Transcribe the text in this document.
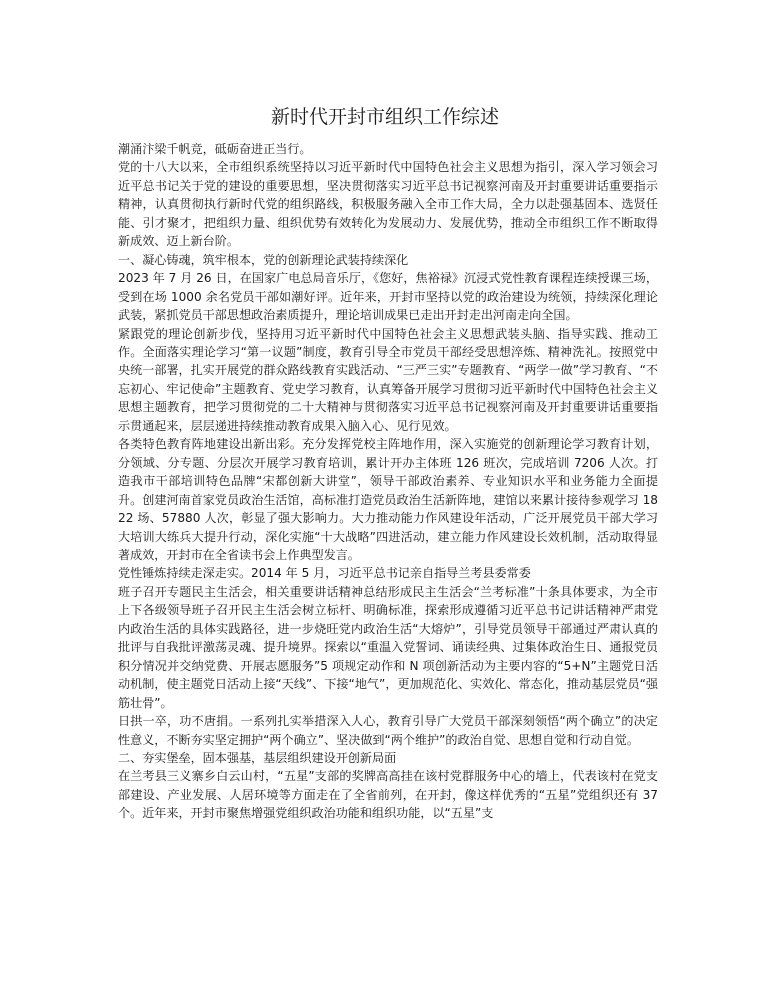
新时代开封市组织工作综述

潮涌汴梁千帆竞，砥砺奋进正当行。

党的十八大以来，全市组织系统坚持以习近平新时代中国特色社会主义思想为指引，深入学习领会习近平总书记关于党的建设的重要思想，坚决贯彻落实习近平总书记视察河南及开封重要讲话重要指示精神，认真贯彻执行新时代党的组织路线，积极服务融入全市工作大局，全力以赴强基固本、选贤任能、引才聚才，把组织力量、组织优势有效转化为发展动力、发展优势，推动全市组织工作不断取得新成效、迈上新台阶。

一、凝心铸魂，筑牢根本，党的创新理论武装持续深化

2023 年 7 月 26 日，在国家广电总局音乐厅，《您好，焦裕禄》沉浸式党性教育课程连续授课三场，受到在场 1000 余名党员干部如潮好评。近年来，开封市坚持以党的政治建设为统领，持续深化理论武装，紧抓党员干部思想政治素质提升，理论培训成果已走出开封走出河南走向全国。

紧跟党的理论创新步伐，坚持用习近平新时代中国特色社会主义思想武装头脑、指导实践、推动工作。全面落实理论学习“第一议题”制度，教育引导全市党员干部经受思想淬炼、精神洗礼。按照党中央统一部署，扎实开展党的群众路线教育实践活动、“三严三实”专题教育、“两学一做”学习教育、“不忘初心、牢记使命”主题教育、党史学习教育，认真筹备开展学习贯彻习近平新时代中国特色社会主义思想主题教育，把学习贯彻党的二十大精神与贯彻落实习近平总书记视察河南及开封重要讲话重要指示贯通起来，层层递进持续推动教育成果入脑入心、见行见效。

各类特色教育阵地建设出新出彩。充分发挥党校主阵地作用，深入实施党的创新理论学习教育计划，分领域、分专题、分层次开展学习教育培训，累计开办主体班 126 班次，完成培训 7206 人次。打造我市干部培训特色品牌“宋都创新大讲堂”，领导干部政治素养、专业知识水平和业务能力全面提升。创建河南首家党员政治生活馆，高标准打造党员政治生活新阵地，建馆以来累计接待参观学习 1822 场、57880 人次，彰显了强大影响力。大力推动能力作风建设年活动，广泛开展党员干部大学习大培训大练兵大提升行动，深化实施“十大战略”四进活动，建立能力作风建设长效机制，活动取得显著成效，开封市在全省读书会上作典型发言。

党性锤炼持续走深走实。2014 年 5 月，习近平总书记亲自指导兰考县委常委

班子召开专题民主生活会，相关重要讲话精神总结形成民主生活会“兰考标准”十条具体要求，为全市上下各级领导班子召开民主生活会树立标杆、明确标准，探索形成遵循习近平总书记讲话精神严肃党内政治生活的具体实践路径，进一步烧旺党内政治生活“大熔炉”，引导党员领导干部通过严肃认真的批评与自我批评激荡灵魂、提升境界。探索以“重温入党誓词、诵读经典、过集体政治生日、通报党员积分情况并交纳党费、开展志愿服务”5 项规定动作和 N 项创新活动为主要内容的“5+N”主题党日活动机制，使主题党日活动上接“天线”、下接“地气”，更加规范化、实效化、常态化，推动基层党员“强筋壮骨”。

日拱一卒，功不唐捐。一系列扎实举措深入人心，教育引导广大党员干部深刻领悟“两个确立”的决定性意义，不断夯实坚定拥护“两个确立”、坚决做到“两个维护”的政治自觉、思想自觉和行动自觉。

二、夯实堡垒，固本强基，基层组织建设开创新局面

在兰考县三义寨乡白云山村，“五星”支部的奖牌高高挂在该村党群服务中心的墙上，代表该村在党支部建设、产业发展、人居环境等方面走在了全省前列，在开封，像这样优秀的“五星”党组织还有 37 个。近年来，开封市聚焦增强党组织政治功能和组织功能，以“五星”支
